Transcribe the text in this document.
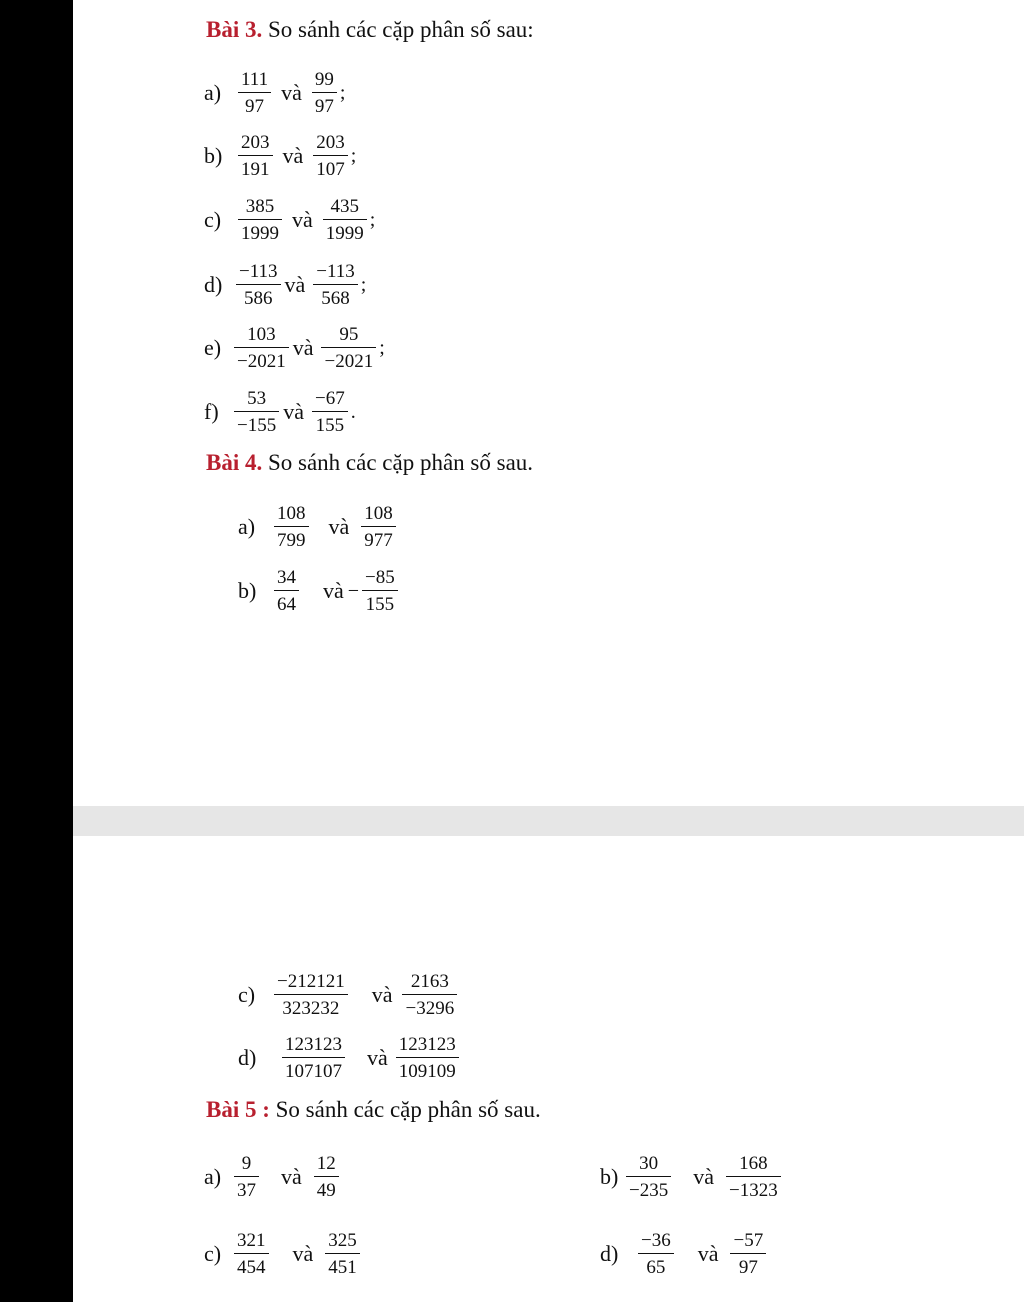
Bài 3. So sánh các cặp phân số sau:
$a) \frac{111}{97}$ và $\frac{99}{97}$ ;
$b) \frac{203}{191}$ và $\frac{203}{107}$ ;
$c) \frac{385}{1999}$ và $\frac{435}{1999}$ ;
$d) \frac{-113}{586}$ và $\frac{-113}{568}$ ;
$e) \frac{103}{-2021}$ và $\frac{95}{-2021}$ ;
$f) \frac{53}{-155}$ và $\frac{-67}{155}$ .
Bài 4. So sánh các cặp phân số sau.
$a) \frac{108}{799}$ và $\frac{108}{977}$
$b) \frac{34}{64}$ và − $\frac{-85}{155}$
$c) \frac{-212121}{323232}$ và $\frac{2163}{-3296}$
d)	$\frac{123123}{107107}$ và $\frac{123123}{109109}$
Bài 5 : So sánh các cặp phân số sau.
$a) \frac{9}{37}$ và $\frac{12}{49}$	$b) \frac{30}{-235}$ và $\frac{168}{-1323}$
$c) \frac{321}{454}$ và $\frac{325}{451}$	d)	$\frac{-36}{65}$ và $\frac{-57}{97}$
